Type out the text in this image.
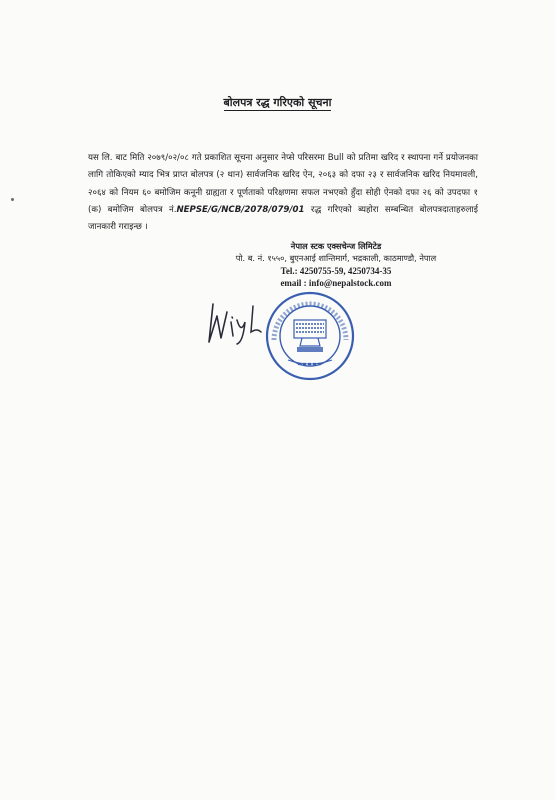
बोलपत्र रद्ध गरिएको सूचना

यस लि. बाट मिति २०७९/०२/०८ गते प्रकाशित सूचना अनुसार नेप्से परिसरमा Bull को प्रतिमा खरिद र स्थापना गर्ने प्रयोजनका लागि तोकिएको म्याद भित्र प्राप्त बोलपत्र (२ थान) सार्वजनिक खरिद ऐन, २०६३ को दफा २३ र सार्वजनिक खरिद नियमावली, २०६४ को नियम ६० बमोजिम कनूनी ग्राह्यता र पूर्णताको परिक्षणमा सफल नभएको हुँदा सोही ऐनको दफा २६ को उपदफा १ (क) बमोजिम बोलपत्र नं.NEPSE/G/NCB/2078/079/01 रद्ध गरिएको ब्यहोरा सम्बन्धित बोलपत्रदाताहरुलाई जानकारी गराइन्छ ।

नेपाल स्टक एक्सचेन्ज लिमिटेड
पो. ब. नं. १५५०, बुएनआई शान्तिमार्ग, भद्रकाली, काठमाण्डौ, नेपाल
Tel.: 4250755-59, 4250734-35
email : info@nepalstock.com
